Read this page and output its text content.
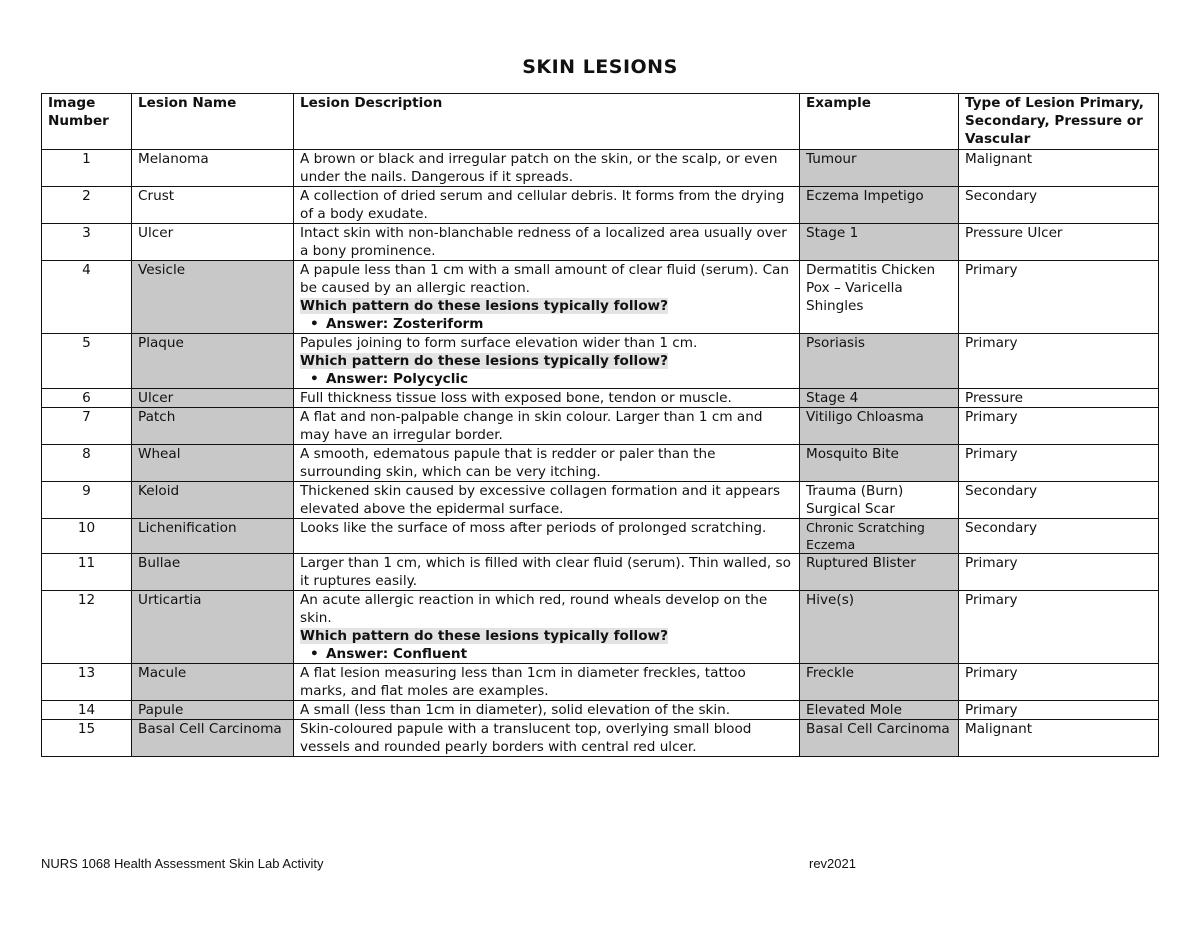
SKIN LESIONS
Image Number	Lesion Name	Lesion Description	Example	Type of Lesion Primary, Secondary, Pressure or Vascular
1	Melanoma	A brown or black and irregular patch on the skin, or the scalp, or even under the nails. Dangerous if it spreads.	Tumour	Malignant
2	Crust	A collection of dried serum and cellular debris. It forms from the drying of a body exudate.	Eczema Impetigo	Secondary
3	Ulcer	Intact skin with non-blanchable redness of a localized area usually over a bony prominence.	Stage 1	Pressure Ulcer
4	Vesicle	A papule less than 1 cm with a small amount of clear fluid (serum). Can be caused by an allergic reaction.
Which pattern do these lesions typically follow?
• Answer: Zosteriform	Dermatitis Chicken Pox – Varicella Shingles	Primary
5	Plaque	Papules joining to form surface elevation wider than 1 cm.
Which pattern do these lesions typically follow?
• Answer: Polycyclic	Psoriasis	Primary
6	Ulcer	Full thickness tissue loss with exposed bone, tendon or muscle.	Stage 4	Pressure
7	Patch	A flat and non-palpable change in skin colour. Larger than 1 cm and may have an irregular border.	Vitiligo Chloasma	Primary
8	Wheal	A smooth, edematous papule that is redder or paler than the surrounding skin, which can be very itching.	Mosquito Bite	Primary
9	Keloid	Thickened skin caused by excessive collagen formation and it appears elevated above the epidermal surface.	Trauma (Burn) Surgical Scar	Secondary
10	Lichenification	Looks like the surface of moss after periods of prolonged scratching.	Chronic Scratching Eczema	Secondary
11	Bullae	Larger than 1 cm, which is filled with clear fluid (serum). Thin walled, so it ruptures easily.	Ruptured Blister	Primary
12	Urticartia	An acute allergic reaction in which red, round wheals develop on the skin.
Which pattern do these lesions typically follow?
• Answer: Confluent	Hive(s)	Primary
13	Macule	A flat lesion measuring less than 1cm in diameter freckles, tattoo marks, and flat moles are examples.	Freckle	Primary
14	Papule	A small (less than 1cm in diameter), solid elevation of the skin.	Elevated Mole	Primary
15	Basal Cell Carcinoma	Skin-coloured papule with a translucent top, overlying small blood vessels and rounded pearly borders with central red ulcer.	Basal Cell Carcinoma	Malignant
NURS 1068 Health Assessment Skin Lab Activity	rev2021
